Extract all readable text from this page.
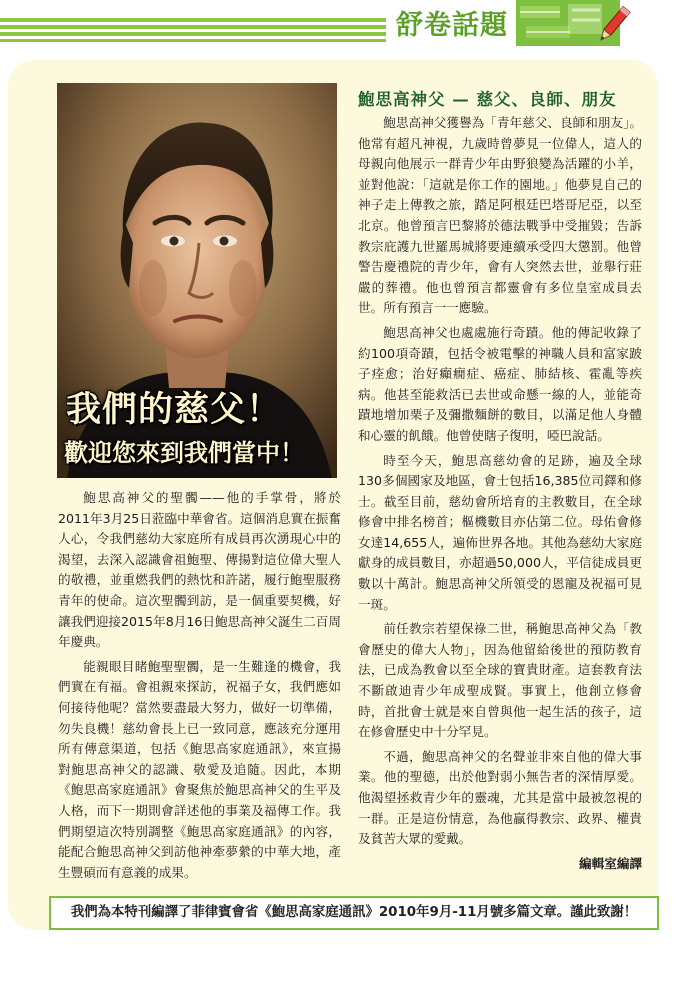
舒卷話題
我們的慈父！
歡迎您來到我們當中！
鮑思高神父 — 慈父、良師、朋友

鮑思高神父的聖髑——他的手掌骨，將於2011年3月25日蒞臨中華會省。這個消息實在振奮人心，令我們慈幼大家庭所有成員再次湧現心中的渴望，去深入認識會祖鮑聖、傳揚對這位偉大聖人的敬禮，並重燃我們的熱忱和許諾，履行鮑聖服務青年的使命。這次聖髑到訪，是一個重要契機，好讓我們迎接2015年8月16日鮑思高神父誕生二百周年慶典。

能親眼目睹鮑聖聖髑，是一生難逢的機會，我們實在有福。會祖親來探訪，祝福子女，我們應如何接待他呢？當然要盡最大努力，做好一切準備，勿失良機！慈幼會長上已一致同意，應該充分運用所有傳意渠道，包括《鮑思高家庭通訊》，來宣揚對鮑思高神父的認識、敬愛及追隨。因此，本期《鮑思高家庭通訊》會聚焦於鮑思高神父的生平及人格，而下一期則會詳述他的事業及福傳工作。我們期望這次特別調整《鮑思高家庭通訊》的內容，能配合鮑思高神父到訪他神牽夢縈的中華大地，產生豐碩而有意義的成果。

鮑思高神父獲譽為「青年慈父、良師和朋友」。他常有超凡神視，九歲時曾夢見一位偉人，這人的母親向他展示一群青少年由野狼變為活躍的小羊，並對他說：「這就是你工作的園地。」他夢見自己的神子走上傳教之旅，踏足阿根廷巴塔哥尼亞，以至北京。他曾預言巴黎將於德法戰爭中受摧毀；告訴教宗庇護九世羅馬城將要連續承受四大懲罰。他曾警告慶禮院的青少年，會有人突然去世，並舉行莊嚴的葬禮。他也曾預言都靈會有多位皇室成員去世。所有預言一一應驗。

鮑思高神父也處處施行奇蹟。他的傳記收錄了約100項奇蹟，包括令被電擊的神職人員和富家跛子痊愈；治好癲癇症、癌症、肺結核、霍亂等疾病。他甚至能救活已去世或命懸一線的人，並能奇蹟地增加栗子及彌撒麵餅的數目，以滿足他人身體和心靈的飢餓。他曾使瞎子復明，啞巴說話。

時至今天，鮑思高慈幼會的足跡，遍及全球130多個國家及地區，會士包括16,385位司鐸和修士。截至目前，慈幼會所培育的主教數目，在全球修會中排名榜首；樞機數目亦佔第二位。母佑會修女達14,655人，遍佈世界各地。其他為慈幼大家庭獻身的成員數目，亦超過50,000人，平信徒成員更數以十萬計。鮑思高神父所領受的恩寵及祝福可見一斑。

前任教宗若望保祿二世，稱鮑思高神父為「教會歷史的偉大人物」，因為他留給後世的預防教育法，已成為教會以至全球的寶貴財產。這套教育法不斷啟迪青少年成聖成賢。事實上，他創立修會時，首批會士就是來自曾與他一起生活的孩子，這在修會歷史中十分罕見。

不過，鮑思高神父的名聲並非來自他的偉大事業。他的聖德，出於他對弱小無告者的深情厚愛。他渴望拯救青少年的靈魂，尤其是當中最被忽視的一群。正是這份情意，為他贏得教宗、政界、權貴及貧苦大眾的愛戴。

編輯室編譯

我們為本特刊編譯了菲律賓會省《鮑思高家庭通訊》2010年9月-11月號多篇文章。謹此致謝！
